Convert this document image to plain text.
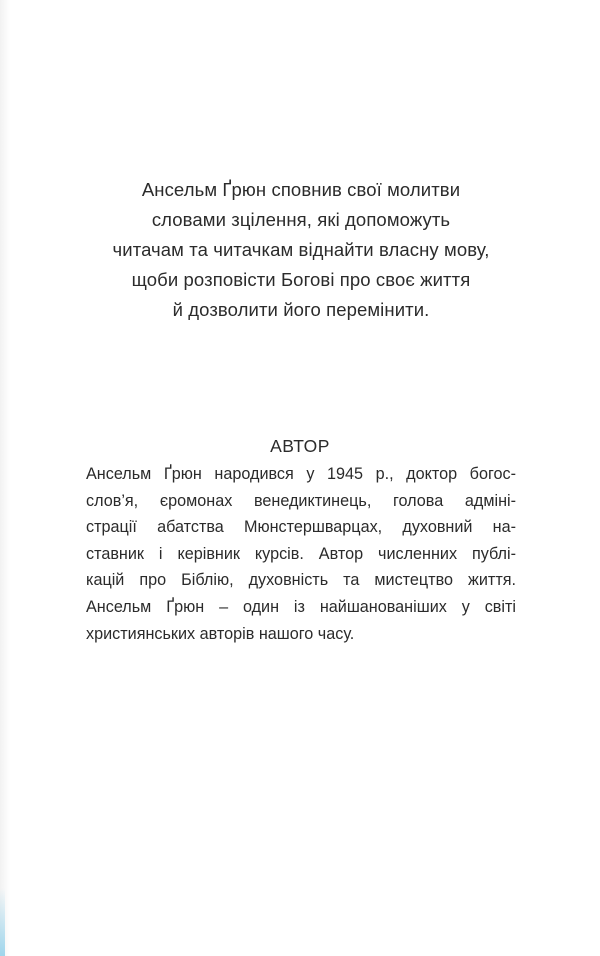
Ансельм Ґрюн сповнив свої молитви
словами зцілення, які допоможуть
читачам та читачкам віднайти власну мову,
щоби розповісти Богові про своє життя
й дозволити його перемінити.
АВТОР
Ансельм Ґрюн народився у 1945 р., доктор богос-
слов’я, єромонах венедиктинець, голова адміні-
страції абатства Мюнстершварцах, духовний на-
ставник і керівник курсів. Автор численних публі-
кацій про Біблію, духовність та мистецтво життя.
Ансельм Ґрюн – один із найшанованіших у світі
християнських авторів нашого часу.
